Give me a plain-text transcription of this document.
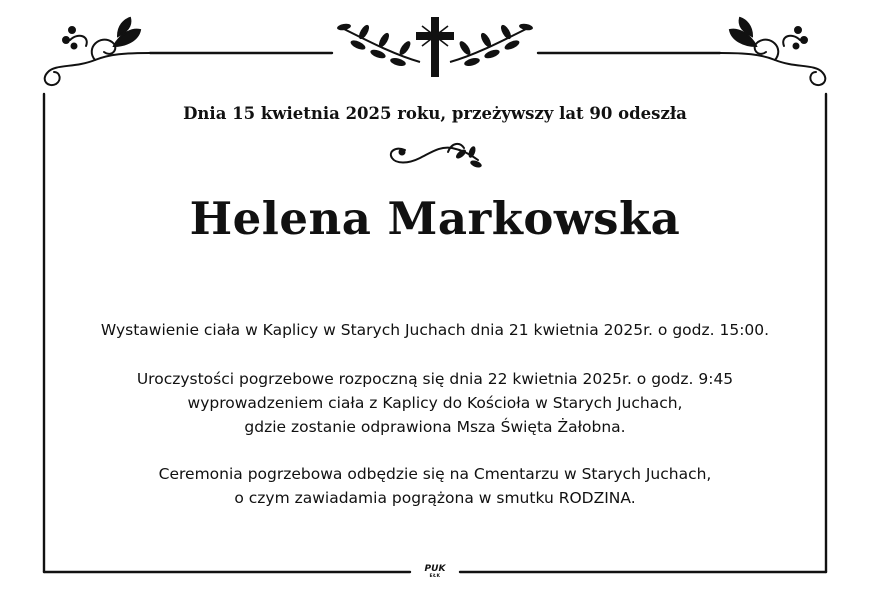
Dnia 15 kwietnia 2025 roku, przeżywszy lat 90 odeszła
Helena Markowska
Wystawienie ciała w Kaplicy w Starych Juchach dnia 21 kwietnia 2025r. o godz. 15:00.
Uroczystości pogrzebowe rozpoczną się dnia 22 kwietnia 2025r. o godz. 9:45
wyprowadzeniem ciała z Kaplicy do Kościoła w Starych Juchach,
gdzie zostanie odprawiona Msza Święta Żałobna.
Ceremonia pogrzebowa odbędzie się na Cmentarzu w Starych Juchach,
o czym zawiadamia pogrążona w smutku RODZINA.
PUK
EŁK
